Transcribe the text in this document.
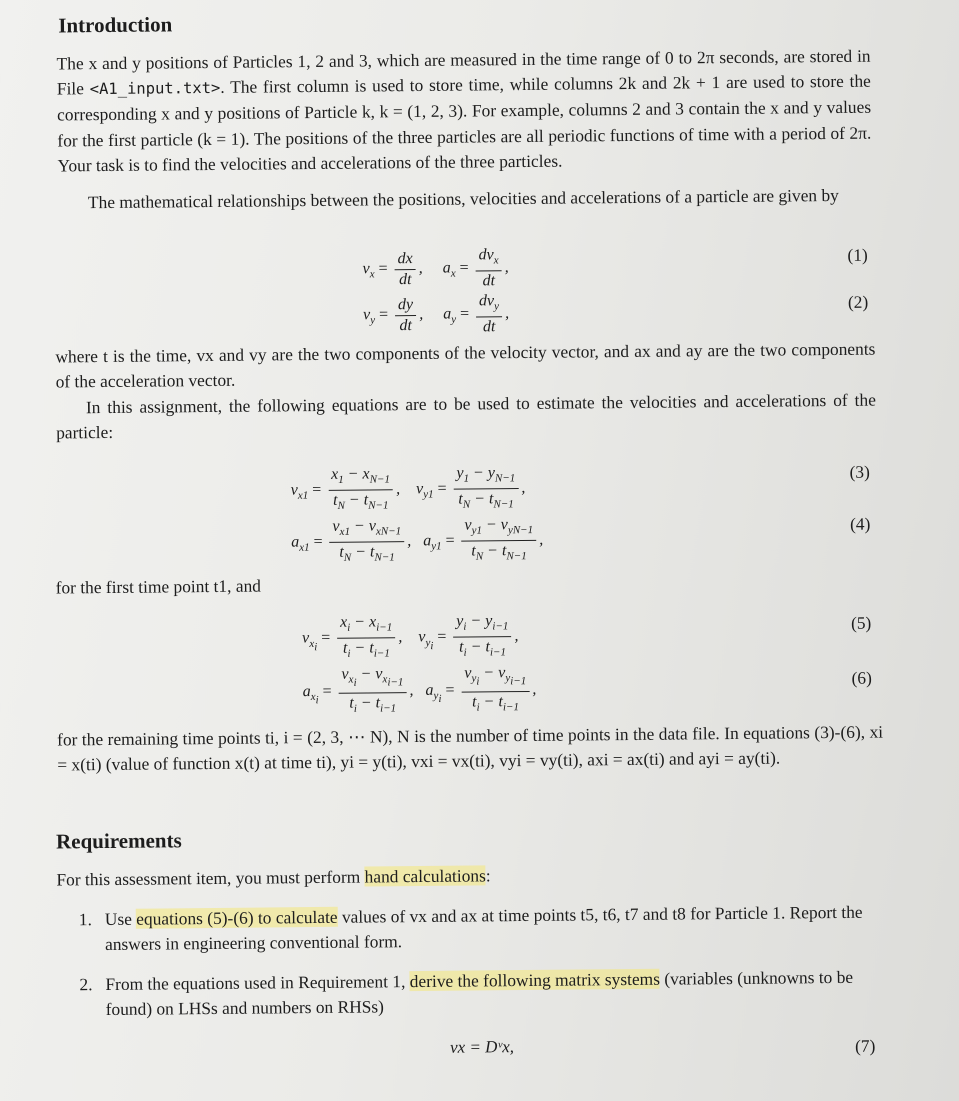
Introduction
The x and y positions of Particles 1, 2 and 3, which are measured in the time range of 0 to 2π seconds, are stored in File <A1_input.txt>. The first column is used to store time, while columns 2k and 2k + 1 are used to store the corresponding x and y positions of Particle k, k = (1, 2, 3). For example, columns 2 and 3 contain the x and y values for the first particle (k = 1). The positions of the three particles are all periodic functions of time with a period of 2π. Your task is to find the velocities and accelerations of the three particles.
The mathematical relationships between the positions, velocities and accelerations of a particle are given by
$v_x = \frac{dx}{dt}$ ,     $a_x = \frac{dv_x}{dt}$ ,
(1)
$v_y = \frac{dy}{dt}$ ,     $a_y = \frac{dv_y}{dt}$ ,
(2)
where t is the time, vx and vy are the two components of the velocity vector, and ax and ay are the two components of the acceleration vector.
In this assignment, the following equations are to be used to estimate the velocities and accelerations of the particle:
$v_{x1} = \frac{x_1 - x_{N-1}}{t_N - t_{N-1}}$ ,    $v_{y1} = \frac{y_1 - y_{N-1}}{t_N - t_{N-1}}$ ,
(3)
$a_{x1} = \frac{v_{x1} - v_{xN-1}}{t_N - t_{N-1}}$ ,   $a_{y1} = \frac{v_{y1} - v_{yN-1}}{t_N - t_{N-1}}$ ,
(4)
for the first time point t1, and
$v_{x_i} = \frac{x_i - x_{i-1}}{t_i - t_{i-1}}$ ,    $v_{y_i} = \frac{y_i - y_{i-1}}{t_i - t_{i-1}}$ ,
(5)
$a_{x_i} = \frac{v_{x_i} - v_{x_{i-1}}}{t_i - t_{i-1}}$ ,   $a_{y_i} = \frac{v_{y_i} - v_{y_{i-1}}}{t_i - t_{i-1}}$ ,
(6)
for the remaining time points ti, i = (2, 3, ⋯ N), N is the number of time points in the data file. In equations (3)-(6), xi = x(ti) (value of function x(t) at time ti), yi = y(ti), vxi = vx(ti), vyi = vy(ti), axi = ax(ti) and ayi = ay(ti).
Requirements
For this assessment item, you must perform hand calculations:
1. Use equations (5)-(6) to calculate values of vx and ax at time points t5, t6, t7 and t8 for Particle 1. Report the answers in engineering conventional form.
2. From the equations used in Requirement 1, derive the following matrix systems (variables (unknowns to be found) on LHSs and numbers on RHSs)
vx = Dᵛx,	(7)
